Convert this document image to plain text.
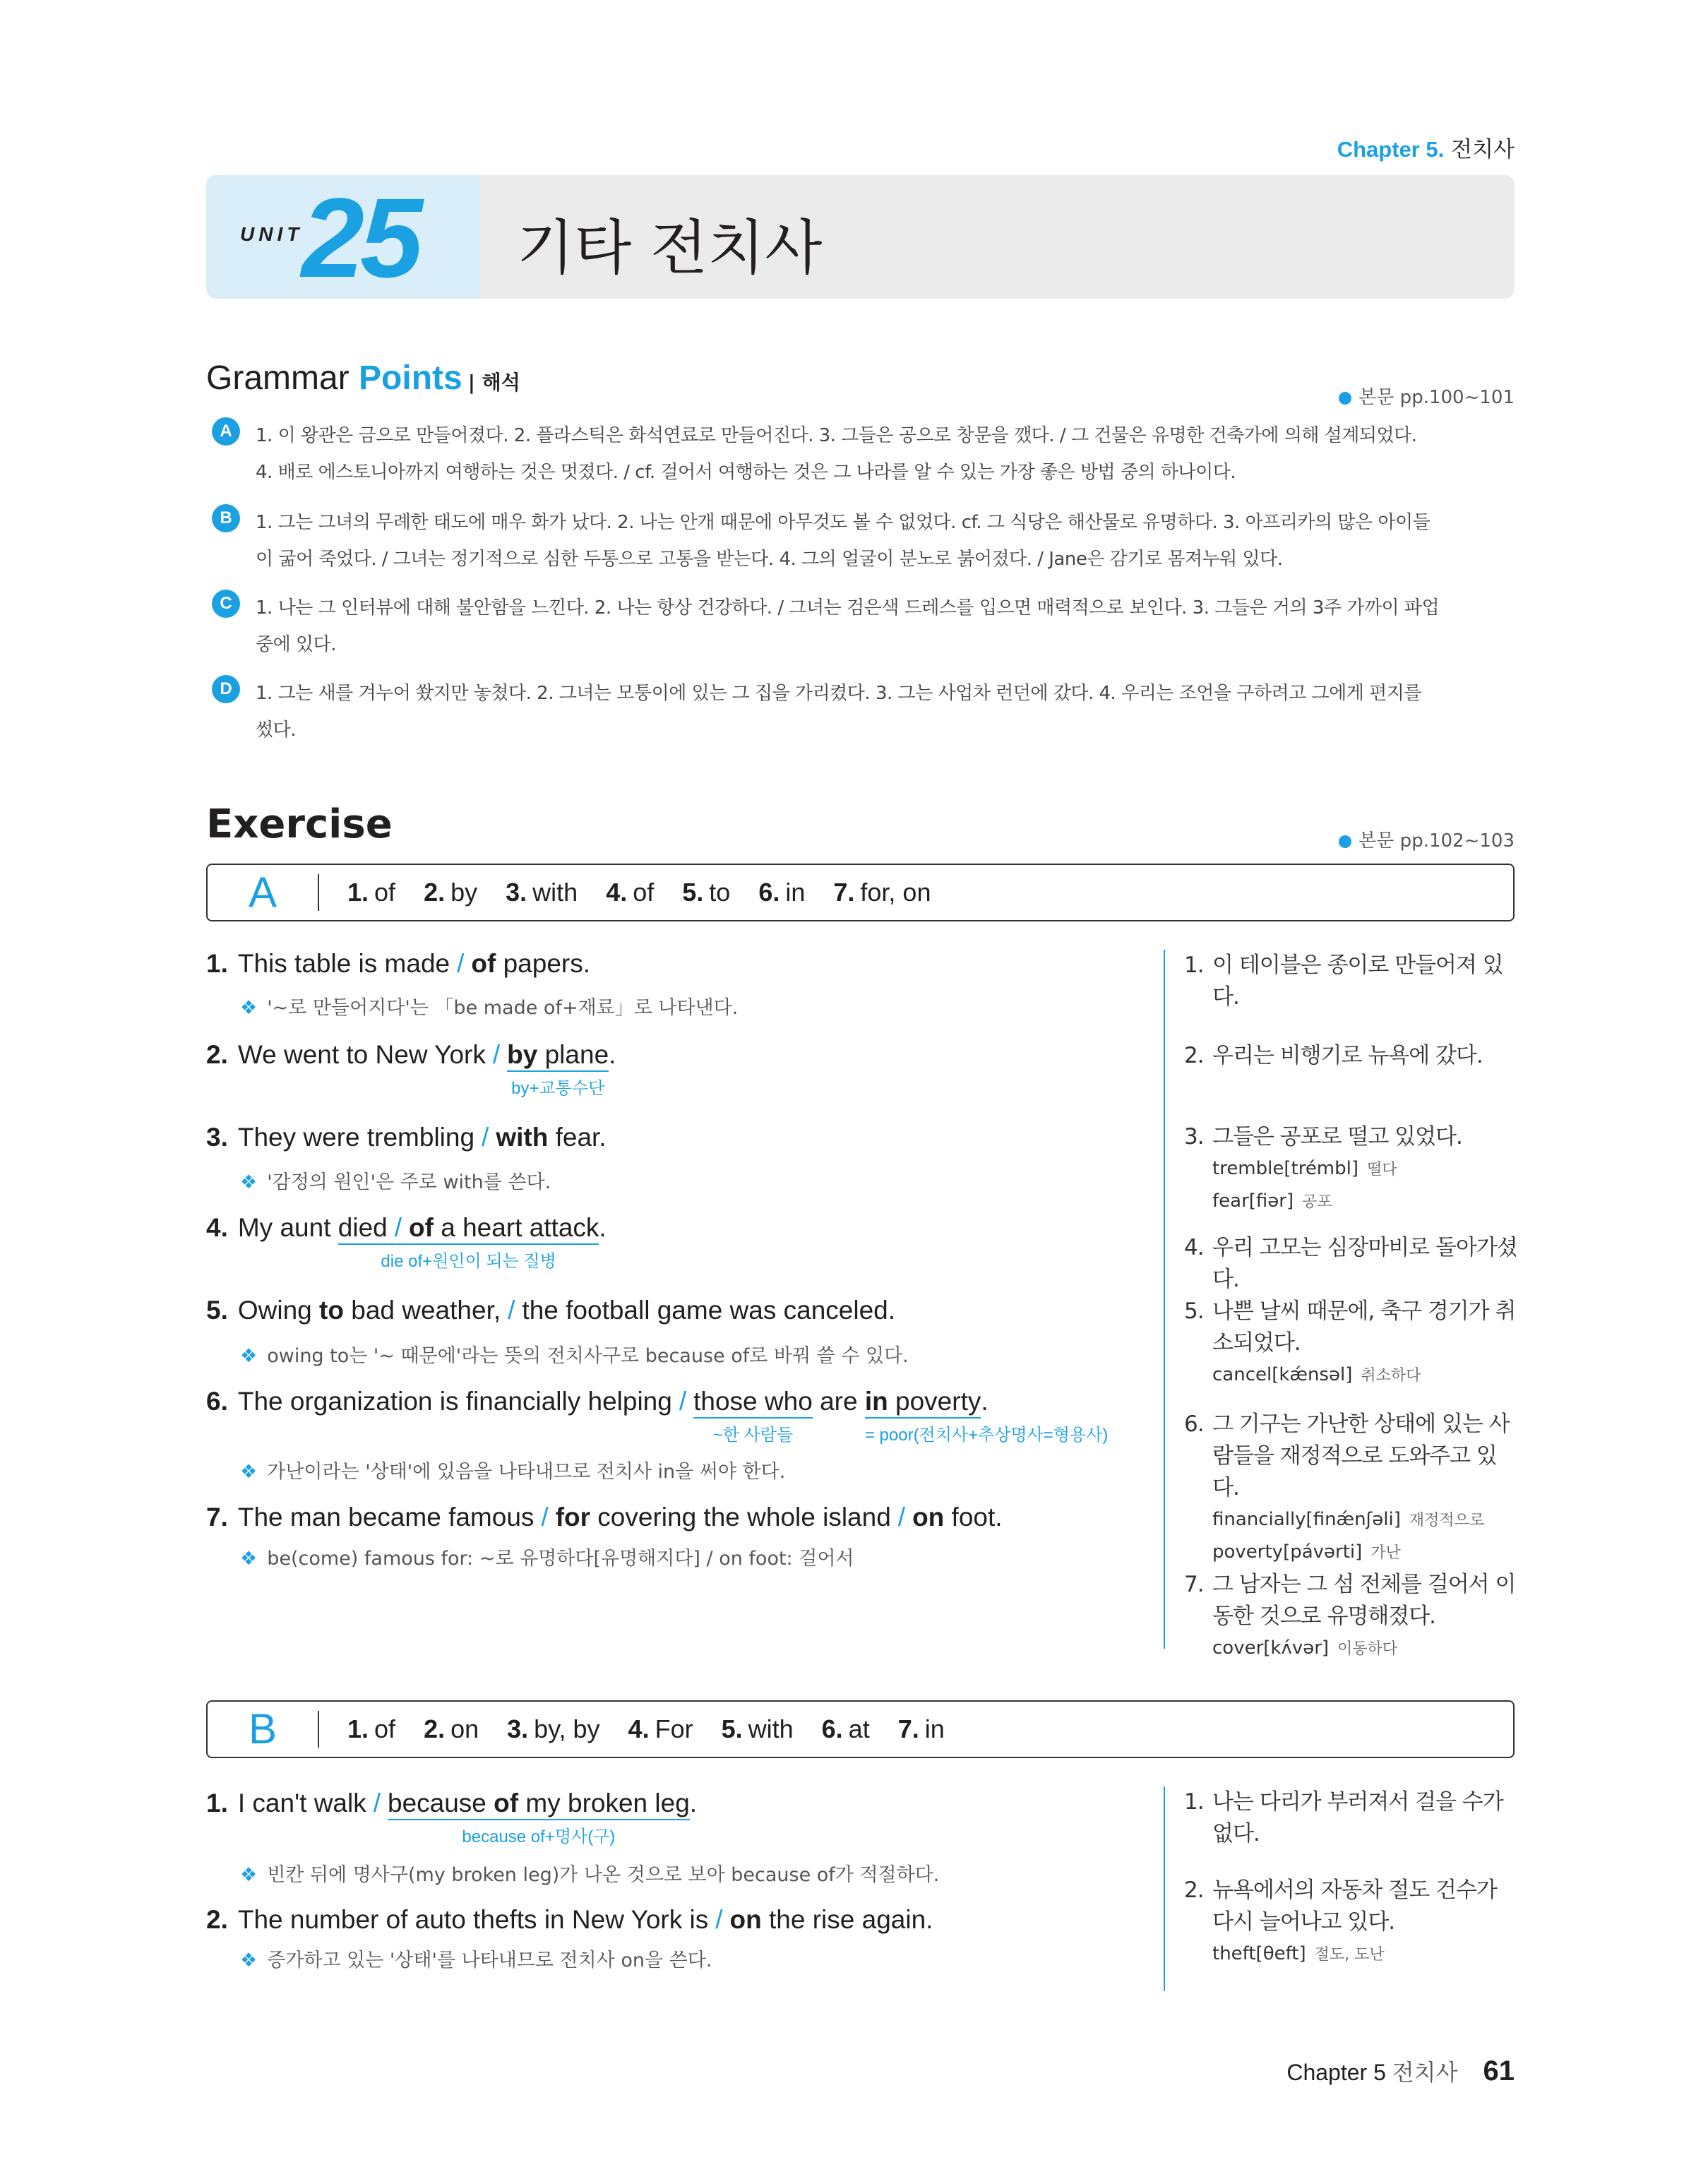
Chapter 5. 전치사
UNIT
25 기타 전치사
Grammar Points | 해석
본문 pp.100~101
A	1. 이 왕관은 금으로 만들어졌다. 2. 플라스틱은 화석연료로 만들어진다. 3. 그들은 공으로 창문을 깼다. / 그 건물은 유명한 건축가에 의해 설계되었다.
4. 배로 에스토니아까지 여행하는 것은 멋졌다. / cf. 걸어서 여행하는 것은 그 나라를 알 수 있는 가장 좋은 방법 중의 하나이다.
B	1. 그는 그녀의 무례한 태도에 매우 화가 났다. 2. 나는 안개 때문에 아무것도 볼 수 없었다. cf. 그 식당은 해산물로 유명하다. 3. 아프리카의 많은 아이들
이 굶어 죽었다. / 그녀는 정기적으로 심한 두통으로 고통을 받는다. 4. 그의 얼굴이 분노로 붉어졌다. / Jane은 감기로 몸져누워 있다.
C	1. 나는 그 인터뷰에 대해 불안함을 느낀다. 2. 나는 항상 건강하다. / 그녀는 검은색 드레스를 입으면 매력적으로 보인다. 3. 그들은 거의 3주 가까이 파업
중에 있다.
D	1. 그는 새를 겨누어 쐈지만 놓쳤다. 2. 그녀는 모퉁이에 있는 그 집을 가리켰다. 3. 그는 사업차 런던에 갔다. 4. 우리는 조언을 구하려고 그에게 편지를
썼다.
Exercise	본문 pp.102~103
A	1. of 2. by 3. with 4. of 5. to 6. in 7. for, on
1. This table is made / of papers.
❖ '~로 만들어지다'는 「be made of+재료」로 나타낸다.
2. We went to New York / by plane
by+교통수단
.
3. They were trembling / with fear.
❖ '감정의 원인'은 주로 with를 쓴다.
4. My aunt died / of a heart attack
die of+원인이 되는 질병
.
5. Owing to bad weather, / the football game was canceled.
❖ owing to는 '~ 때문에'라는 뜻의 전치사구로 because of로 바꿔 쓸 수 있다.
6. The organization is financially helping / those who
~한 사람들
are in poverty
= poor(전치사+추상명사=형용사)
.
❖ 가난이라는 '상태'에 있음을 나타내므로 전치사 in을 써야 한다.
7. The man became famous / for covering the whole island / on foot.
❖ be(come) famous for: ~로 유명하다[유명해지다] / on foot: 걸어서
1. 이 테이블은 종이로 만들어져 있다.
2. 우리는 비행기로 뉴욕에 갔다.
3. 그들은 공포로 떨고 있었다.
tremble[trémbl] 떨다
fear[fiər] 공포
4. 우리 고모는 심장마비로 돌아가셨다.
5. 나쁜 날씨 때문에, 축구 경기가 취소되었다.
cancel[kǽnsəl] 취소하다
6. 그 기구는 가난한 상태에 있는 사람들을 재정적으로 도와주고 있다.
financially[finǽnʃəli] 재정적으로
poverty[pávərti] 가난
7. 그 남자는 그 섬 전체를 걸어서 이동한 것으로 유명해졌다.
cover[kʌ́vər] 이동하다
B	1. of 2. on 3. by, by 4. For 5. with 6. at 7. in
1. I can't walk / because of my broken leg
because of+명사(구)
.
❖ 빈칸 뒤에 명사구(my broken leg)가 나온 것으로 보아 because of가 적절하다.
2. The number of auto thefts in New York is / on the rise again.
❖ 증가하고 있는 '상태'를 나타내므로 전치사 on을 쓴다.
1. 나는 다리가 부러져서 걸을 수가 없다.
2. 뉴욕에서의 자동차 절도 건수가 다시 늘어나고 있다.
theft[θeft] 절도, 도난
Chapter 5 전치사 61
